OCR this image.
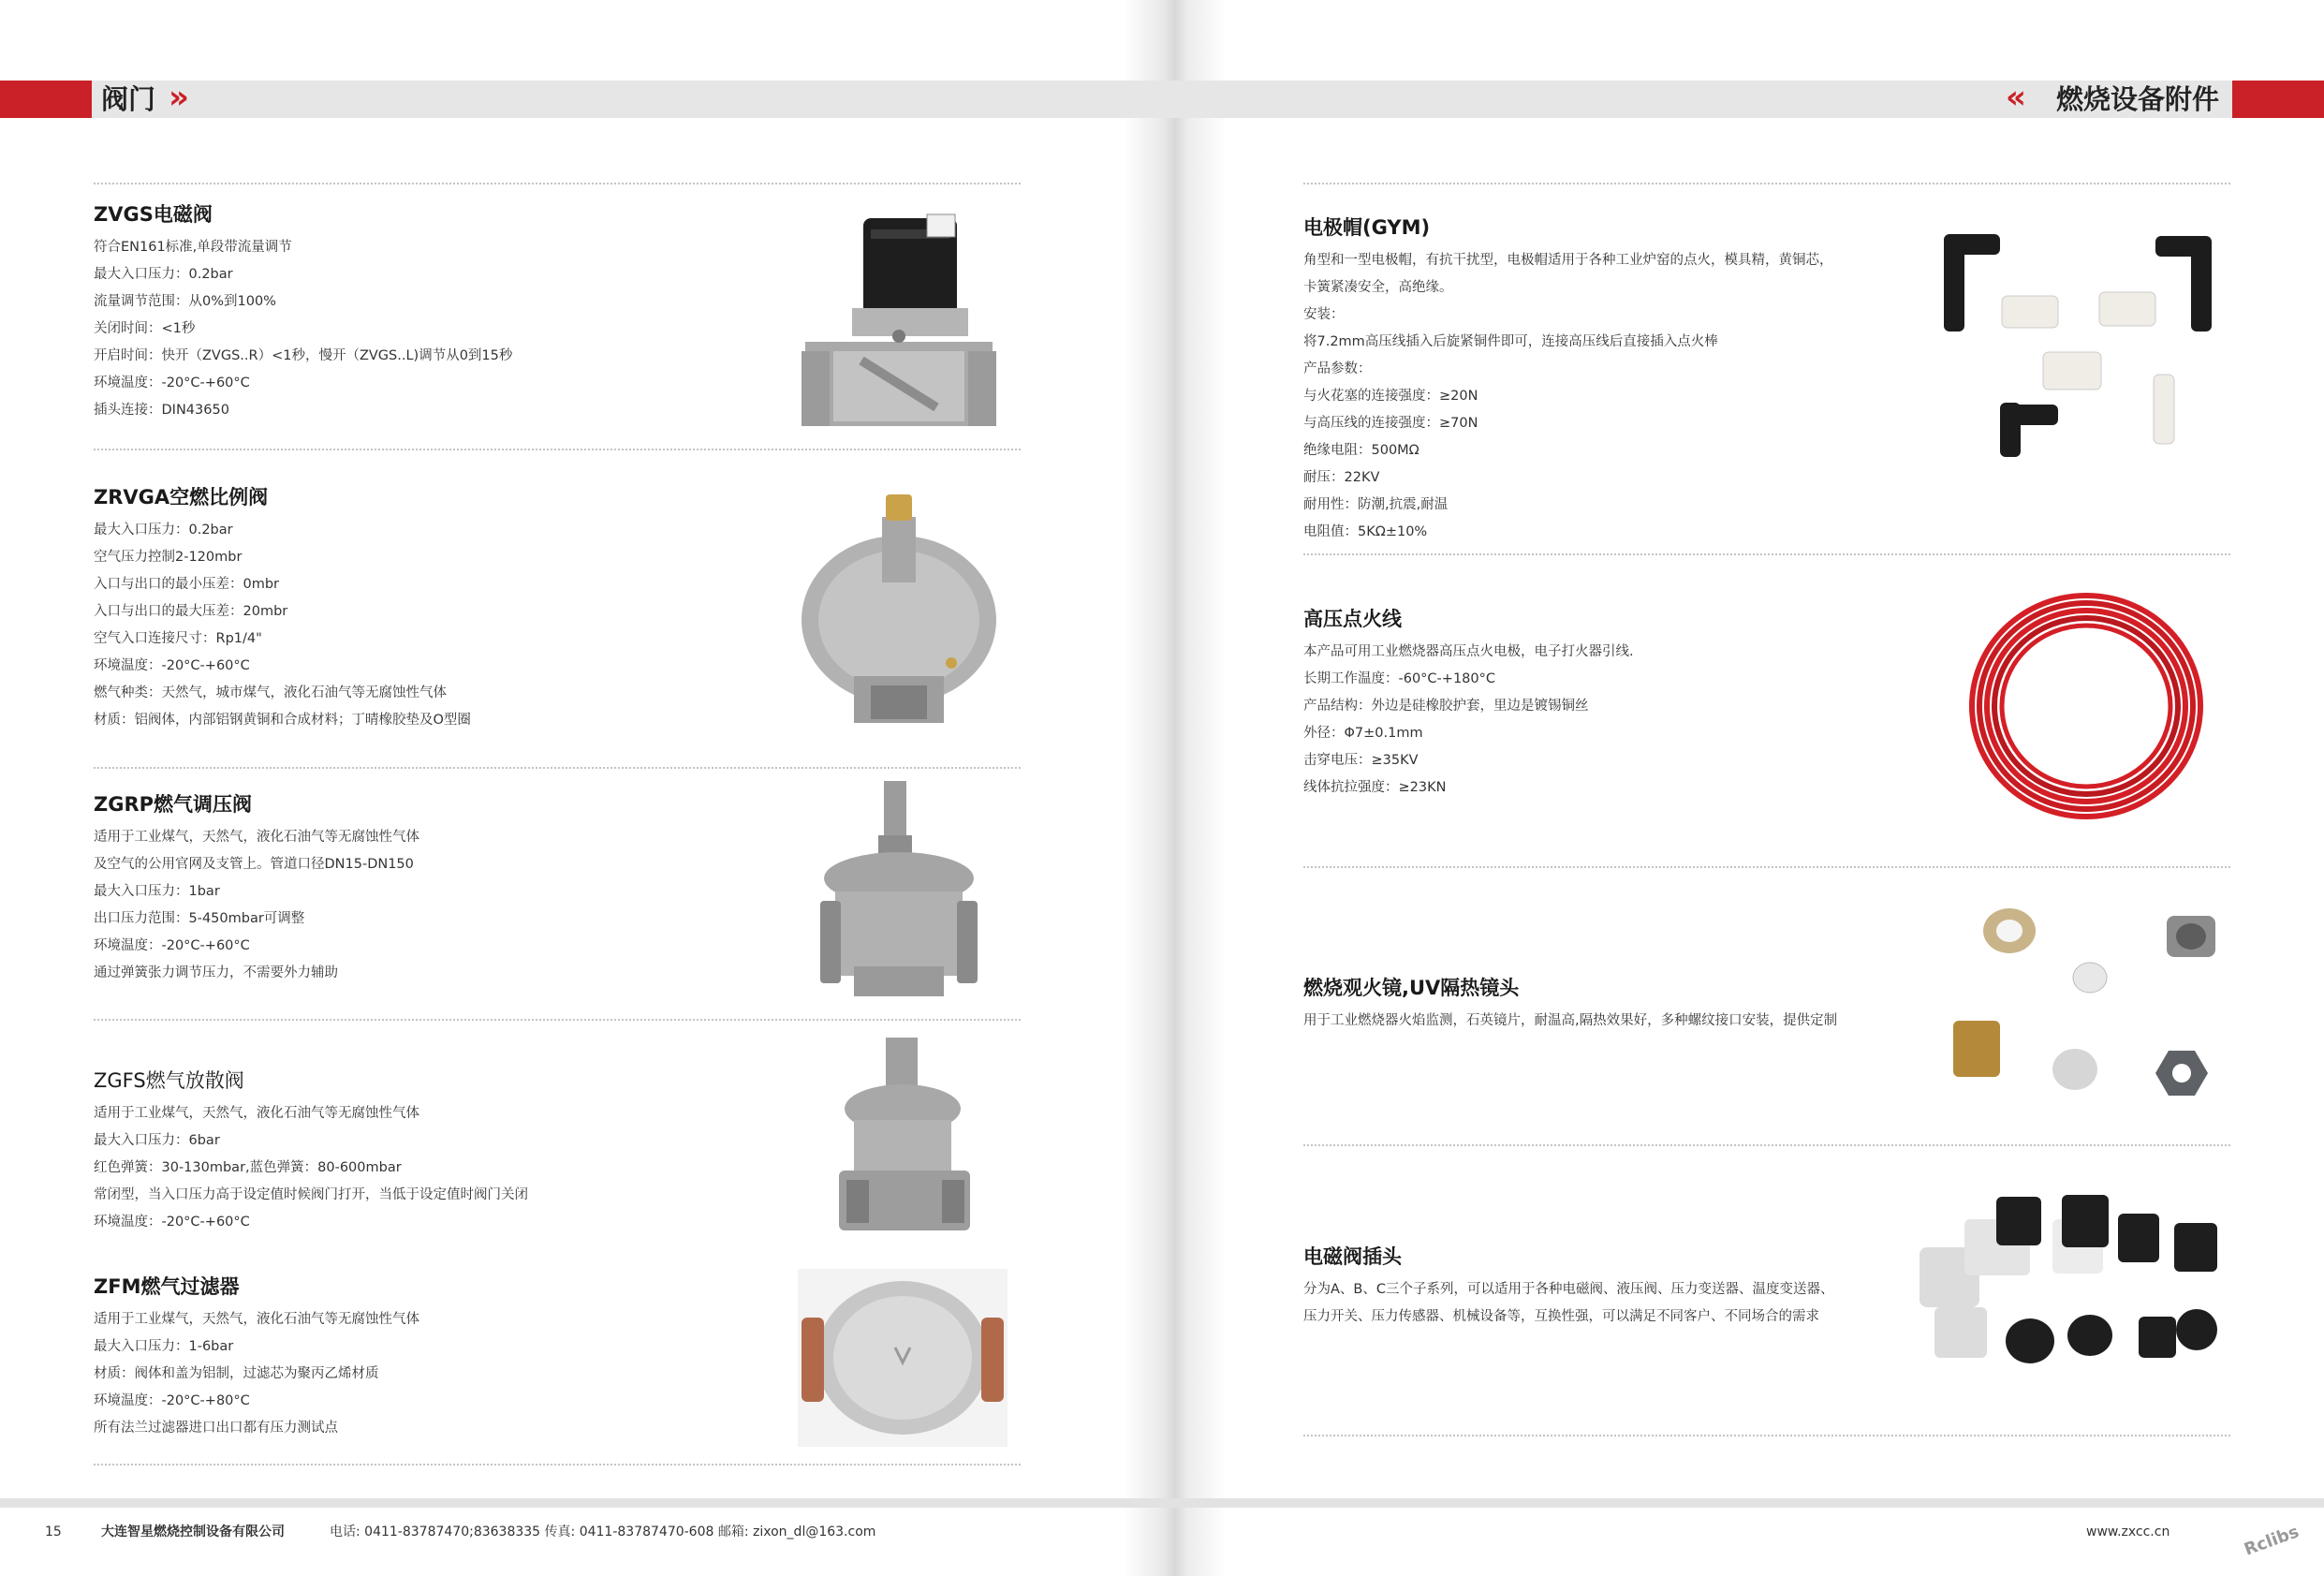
阀门 »	« 燃烧设备附件
ZVGS电磁阀
符合EN161标准,单段带流量调节
最大入口压力：0.2bar
流量调节范围：从0%到100%
关闭时间：<1秒
开启时间：快开（ZVGS..R）<1秒，慢开（ZVGS..L)调节从0到15秒
环境温度：-20°C-+60°C
插头连接：DIN43650
ZRVGA空燃比例阀
最大入口压力：0.2bar
空气压力控制2-120mbr
入口与出口的最小压差：0mbr
入口与出口的最大压差：20mbr
空气入口连接尺寸：Rp1/4"
环境温度：-20°C-+60°C
燃气种类：天然气，城市煤气，液化石油气等无腐蚀性气体
材质：铝阀体，内部铝钢黄铜和合成材料；丁晴橡胶垫及O型圈
ZGRP燃气调压阀
适用于工业煤气，天然气，液化石油气等无腐蚀性气体
及空气的公用官网及支管上。管道口径DN15-DN150
最大入口压力：1bar
出口压力范围：5-450mbar可调整
环境温度：-20°C-+60°C
通过弹簧张力调节压力，不需要外力辅助
ZGFS燃气放散阀
适用于工业煤气，天然气，液化石油气等无腐蚀性气体
最大入口压力：6bar
红色弹簧：30-130mbar,蓝色弹簧：80-600mbar
常闭型，当入口压力高于设定值时候阀门打开，当低于设定值时阀门关闭
环境温度：-20°C-+60°C
ZFM燃气过滤器
适用于工业煤气，天然气，液化石油气等无腐蚀性气体
最大入口压力：1-6bar
材质：阀体和盖为铝制，过滤芯为聚丙乙烯材质
环境温度：-20°C-+80°C
所有法兰过滤器进口出口都有压力测试点
电极帽(GYM)
角型和一型电极帽，有抗干扰型，电极帽适用于各种工业炉窑的点火，模具精，黄铜芯，
卡簧紧凑安全，高绝缘。
安装：
将7.2mm高压线插入后旋紧铜件即可，连接高压线后直接插入点火棒
产品参数：
与火花塞的连接强度：≥20N
与高压线的连接强度：≥70N
绝缘电阻：500MΩ
耐压：22KV
耐用性：防潮,抗震,耐温
电阻值：5KΩ±10%
高压点火线
本产品可用工业燃烧器高压点火电极，电子打火器引线.
长期工作温度：-60°C-+180°C
产品结构：外边是硅橡胶护套，里边是镀锡铜丝
外径：Φ7±0.1mm
击穿电压：≥35KV
线体抗拉强度：≥23KN
燃烧观火镜,UV隔热镜头
用于工业燃烧器火焰监测，石英镜片，耐温高,隔热效果好，多种螺纹接口安装，提供定制
电磁阀插头
分为A、B、C三个子系列，可以适用于各种电磁阀、液压阀、压力变送器、温度变送器、
压力开关、压力传感器、机械设备等，互换性强，可以满足不同客户、不同场合的需求
15	大连智星燃烧控制设备有限公司	电话: 0411-83787470;83638335 传真: 0411-83787470-608 邮箱: zixon_dl@163.com	www.zxcc.cn	Rclibs
